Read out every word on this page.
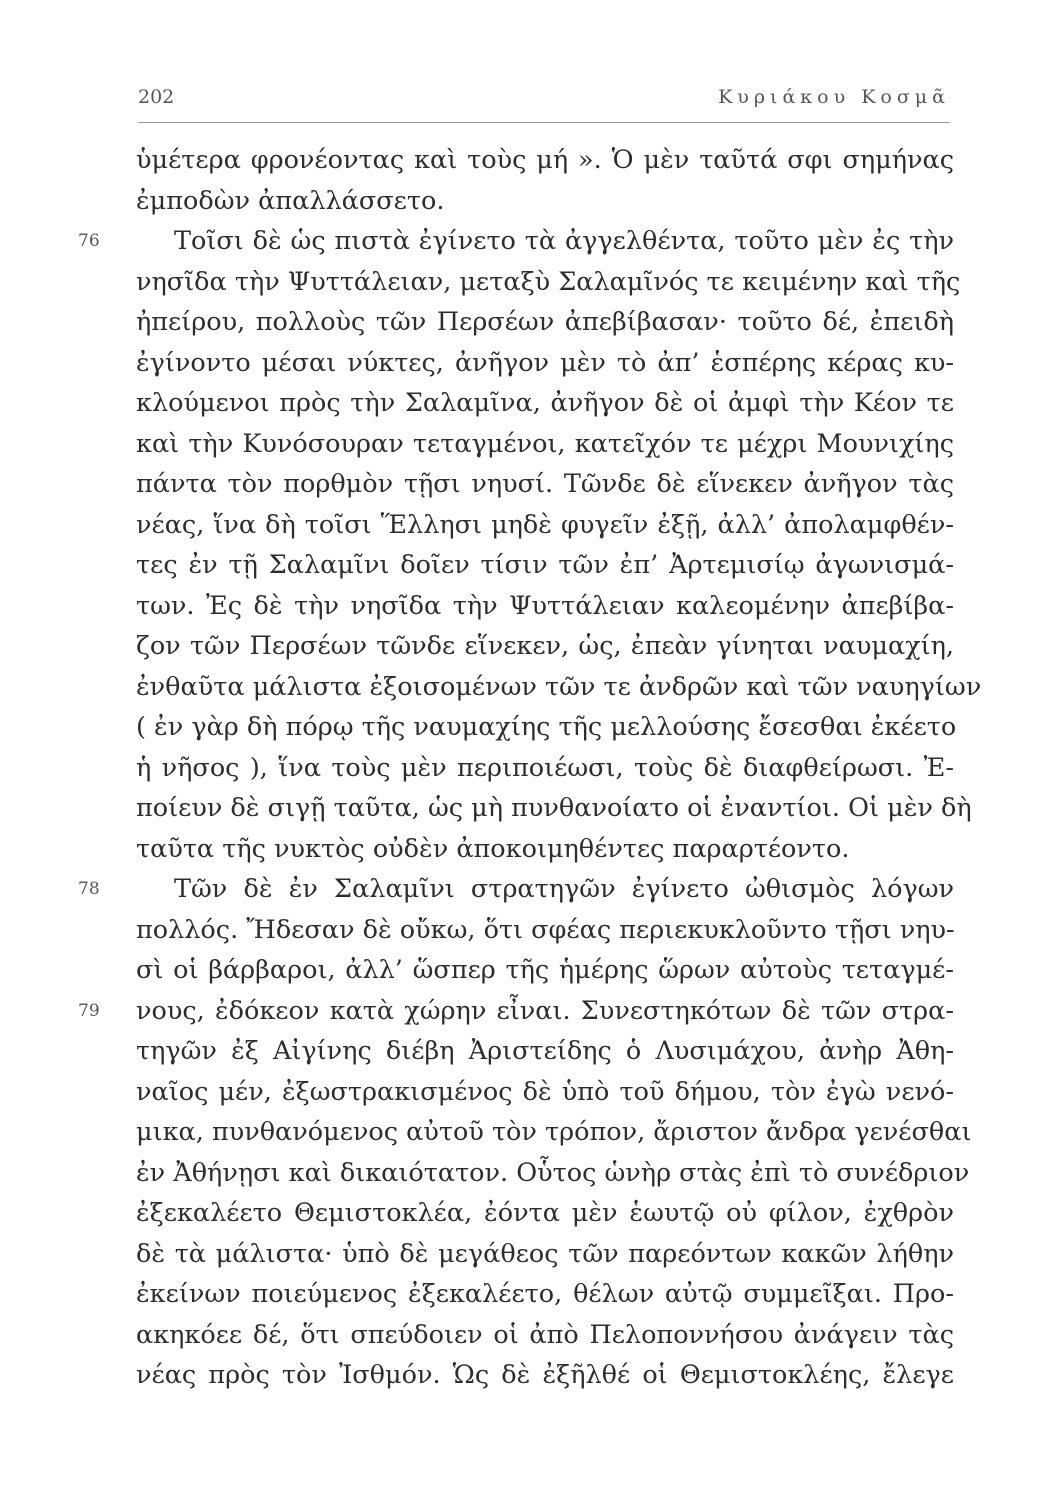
202	Κυριάκου Κοσμᾶ
ὑμέτερα φρονέοντας καὶ τοὺς μή ». Ὁ μὲν ταῦτά σφι σημήνας
ἐμποδὼν ἀπαλλάσσετο.
Τοῖσι δὲ ὡς πιστὰ ἐγίνετο τὰ ἀγγελθέντα, τοῦτο μὲν ἐς τὴν
νησῖδα τὴν Ψυττάλειαν, μεταξὺ Σαλαμῖνός τε κειμένην καὶ τῆς
ἠπείρου, πολλοὺς τῶν Περσέων ἀπεβίβασαν· τοῦτο δέ, ἐπειδὴ
ἐγίνοντο μέσαι νύκτες, ἀνῆγον μὲν τὸ ἀπ’ ἑσπέρης κέρας κυ-
κλούμενοι πρὸς τὴν Σαλαμῖνα, ἀνῆγον δὲ οἱ ἀμφὶ τὴν Κέον τε
καὶ τὴν Κυνόσουραν τεταγμένοι, κατεῖχόν τε μέχρι Μουνιχίης
πάντα τὸν πορθμὸν τῇσι νηυσί. Τῶνδε δὲ εἵνεκεν ἀνῆγον τὰς
νέας, ἵνα δὴ τοῖσι Ἕλλησι μηδὲ φυγεῖν ἐξῇ, ἀλλ’ ἀπολαμφθέν-
τες ἐν τῇ Σαλαμῖνι δοῖεν τίσιν τῶν ἐπ’ Ἀρτεμισίῳ ἀγωνισμά-
των. Ἐς δὲ τὴν νησῖδα τὴν Ψυττάλειαν καλεομένην ἀπεβίβα-
ζον τῶν Περσέων τῶνδε εἵνεκεν, ὡς, ἐπεὰν γίνηται ναυμαχίη,
ἐνθαῦτα μάλιστα ἐξοισομένων τῶν τε ἀνδρῶν καὶ τῶν ναυηγίων
( ἐν γὰρ δὴ πόρῳ τῆς ναυμαχίης τῆς μελλούσης ἔσεσθαι ἐκέετο
ἡ νῆσος ), ἵνα τοὺς μὲν περιποιέωσι, τοὺς δὲ διαφθείρωσι. Ἐ-
ποίευν δὲ σιγῇ ταῦτα, ὡς μὴ πυνθανοίατο οἱ ἐναντίοι. Οἱ μὲν δὴ
ταῦτα τῆς νυκτὸς οὐδὲν ἀποκοιμηθέντες παραρτέοντο.
Τῶν δὲ ἐν Σαλαμῖνι στρατηγῶν ἐγίνετο ὠθισμὸς λόγων
πολλός. Ἤδεσαν δὲ οὔκω, ὅτι σφέας περιεκυκλοῦντο τῇσι νηυ-
σὶ οἱ βάρβαροι, ἀλλ’ ὥσπερ τῆς ἡμέρης ὥρων αὐτοὺς τεταγμέ-
νους, ἐδόκεον κατὰ χώρην εἶναι. Συνεστηκότων δὲ τῶν στρα-
τηγῶν ἐξ Αἰγίνης διέβη Ἀριστείδης ὁ Λυσιμάχου, ἀνὴρ Ἀθη-
ναῖος μέν, ἐξωστρακισμένος δὲ ὑπὸ τοῦ δήμου, τὸν ἐγὼ νενό-
μικα, πυνθανόμενος αὐτοῦ τὸν τρόπον, ἄριστον ἄνδρα γενέσθαι
ἐν Ἀθήνῃσι καὶ δικαιότατον. Οὗτος ὡνὴρ στὰς ἐπὶ τὸ συνέδριον
ἐξεκαλέετο Θεμιστοκλέα, ἐόντα μὲν ἑωυτῷ οὐ φίλον, ἐχθρὸν
δὲ τὰ μάλιστα· ὑπὸ δὲ μεγάθεος τῶν παρεόντων κακῶν λήθην
ἐκείνων ποιεύμενος ἐξεκαλέετο, θέλων αὐτῷ συμμεῖξαι. Προ-
ακηκόεε δέ, ὅτι σπεύδοιεν οἱ ἀπὸ Πελοποννήσου ἀνάγειν τὰς
νέας πρὸς τὸν Ἰσθμόν. Ὡς δὲ ἐξῆλθέ οἱ Θεμιστοκλέης, ἔλεγε
76
78
79
